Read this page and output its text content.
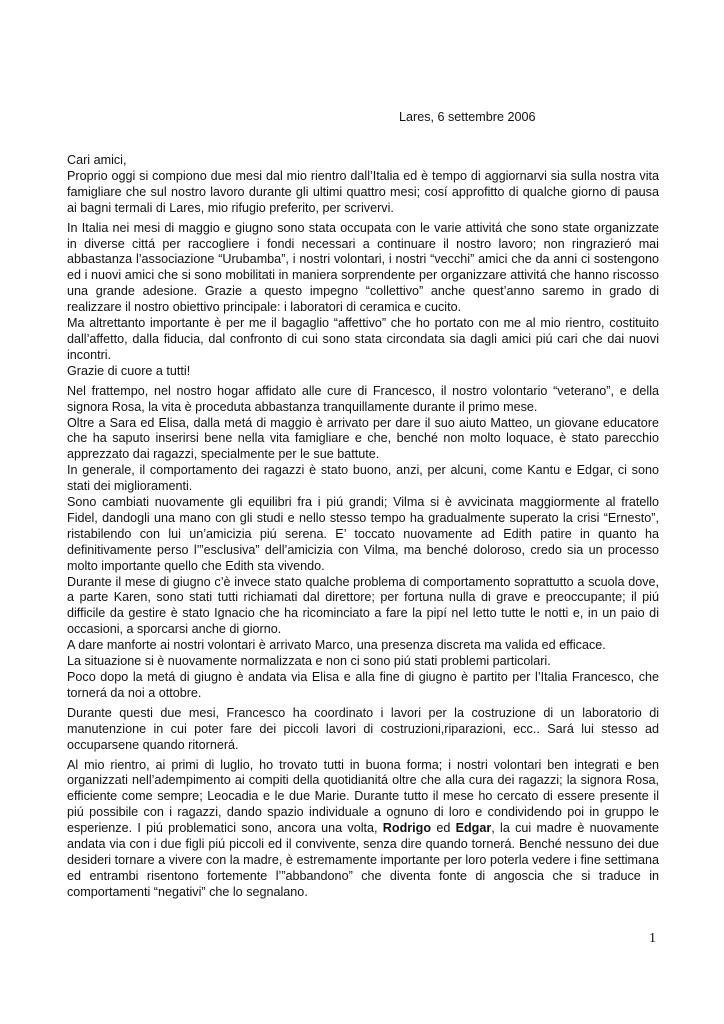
Lares, 6 settembre 2006

Cari amici,

Proprio oggi si compiono due mesi dal mio rientro dall’Italia ed è tempo di aggiornarvi sia sulla nostra vita famigliare che sul nostro lavoro durante gli ultimi quattro mesi; cosí approfitto di qualche giorno di pausa ai bagni termali di Lares, mio rifugio preferito, per scrivervi.

In Italia nei mesi di maggio e giugno sono stata occupata con le varie attivitá che sono state organizzate in diverse cittá per raccogliere i fondi necessari a continuare il nostro lavoro; non ringrazieró mai abbastanza l’associazione “Urubamba”, i nostri volontari, i nostri “vecchi” amici che da anni ci sostengono ed i nuovi amici che si sono mobilitati in maniera sorprendente per organizzare attivitá che hanno riscosso una grande adesione. Grazie a questo impegno “collettivo” anche quest’anno saremo in grado di realizzare il nostro obiettivo principale: i laboratori di ceramica e cucito.

Ma altrettanto importante è per me il bagaglio “affettivo” che ho portato con me al mio rientro, costituito dall’affetto, dalla fiducia, dal confronto di cui sono stata circondata sia dagli amici piú cari che dai nuovi incontri.

Grazie di cuore a tutti!

Nel frattempo, nel nostro hogar affidato alle cure di Francesco, il nostro volontario “veterano”, e della signora Rosa, la vita è proceduta abbastanza tranquillamente durante il primo mese.

Oltre a Sara ed Elisa, dalla metá di maggio è arrivato per dare il suo aiuto Matteo, un giovane educatore che ha saputo inserirsi bene nella vita famigliare e che, benché non molto loquace, è stato parecchio apprezzato dai ragazzi, specialmente per le sue battute.

In generale, il comportamento dei ragazzi è stato buono, anzi, per alcuni, come Kantu e Edgar, ci sono stati dei miglioramenti.

Sono cambiati nuovamente gli equilibri fra i piú grandi; Vilma si è avvicinata maggiormente al fratello Fidel, dandogli una mano con gli studi e nello stesso tempo ha gradualmente superato la crisi “Ernesto”, ristabilendo con lui un’amicizia piú serena. E’ toccato nuovamente ad Edith patire in quanto ha definitivamente perso l’”esclusiva” dell’amicizia con Vilma, ma benché doloroso, credo sia un processo molto importante quello che Edith sta vivendo.

Durante il mese di giugno c’è invece stato qualche problema di comportamento soprattutto a scuola dove, a parte Karen, sono stati tutti richiamati dal direttore; per fortuna nulla di grave e preoccupante; il piú difficile da gestire è stato Ignacio che ha ricominciato a fare la pipí nel letto tutte le notti e, in un paio di occasioni, a sporcarsi anche di giorno.

A dare manforte ai nostri volontari è arrivato Marco, una presenza discreta ma valida ed efficace.

La situazione si è nuovamente normalizzata e non ci sono piú stati problemi particolari.

Poco dopo la metá di giugno è andata via Elisa e alla fine di giugno è partito per l’Italia Francesco, che tornerá da noi a ottobre.

Durante questi due mesi, Francesco ha coordinato i lavori per la costruzione di un laboratorio di manutenzione in cui poter fare dei piccoli lavori di costruzioni,riparazioni, ecc.. Sará lui stesso ad occuparsene quando ritornerá.

Al mio rientro, ai primi di luglio, ho trovato tutti in buona forma; i nostri volontari ben integrati e ben organizzati nell’adempimento ai compiti della quotidianitá oltre che alla cura dei ragazzi; la signora Rosa, efficiente come sempre; Leocadia e le due Marie. Durante tutto il mese ho cercato di essere presente il piú possibile con i ragazzi, dando spazio individuale a ognuno di loro e condividendo poi in gruppo le esperienze. I piú problematici sono, ancora una volta, Rodrigo ed Edgar, la cui madre è nuovamente andata via con i due figli piú piccoli ed il convivente, senza dire quando tornerá. Benché nessuno dei due desideri tornare a vivere con la madre, è estremamente importante per loro poterla vedere i fine settimana ed entrambi risentono fortemente l’”abbandono” che diventa fonte di angoscia che si traduce in comportamenti “negativi” che lo segnalano.

1
